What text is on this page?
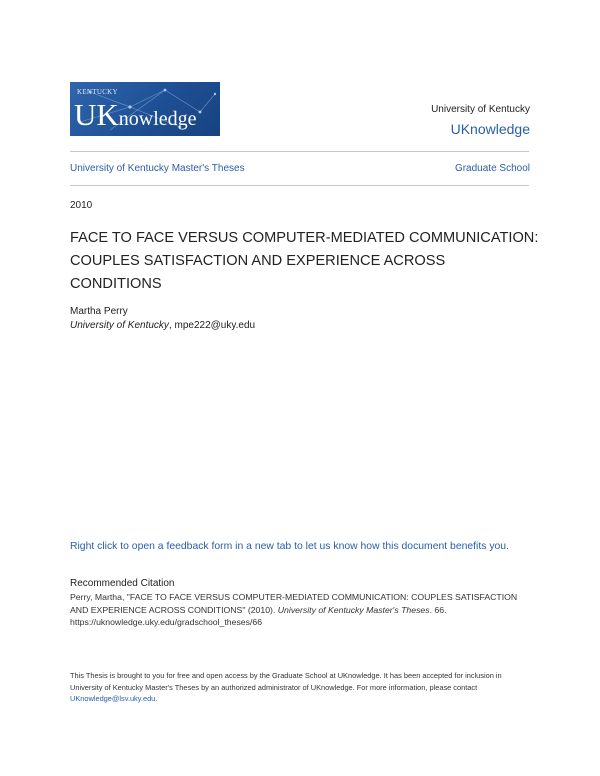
KENTUCKY
UKnowledge	University of Kentucky
UKnowledge
University of Kentucky Master's Theses	Graduate School
2010
FACE TO FACE VERSUS COMPUTER-MEDIATED COMMUNICATION: COUPLES SATISFACTION AND EXPERIENCE ACROSS CONDITIONS
Martha Perry
University of Kentucky, mpe222@uky.edu
Right click to open a feedback form in a new tab to let us know how this document benefits you.
Recommended Citation
Perry, Martha, "FACE TO FACE VERSUS COMPUTER-MEDIATED COMMUNICATION: COUPLES SATISFACTION AND EXPERIENCE ACROSS CONDITIONS" (2010). University of Kentucky Master's Theses. 66.
https://uknowledge.uky.edu/gradschool_theses/66
This Thesis is brought to you for free and open access by the Graduate School at UKnowledge. It has been accepted for inclusion in University of Kentucky Master's Theses by an authorized administrator of UKnowledge. For more information, please contact UKnowledge@lsv.uky.edu.
